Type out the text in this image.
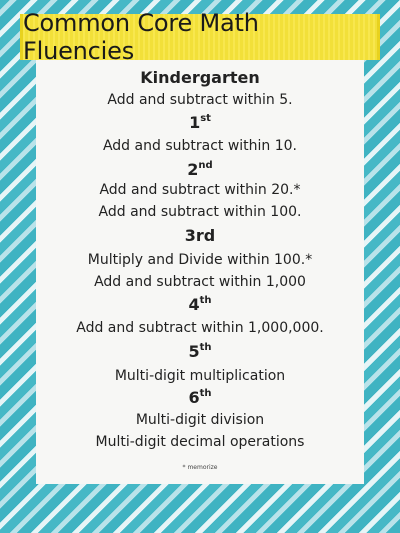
Common Core Math Fluencies
Kindergarten
Add and subtract within 5.
1st
Add and subtract within 10.
2nd
Add and subtract within 20.*
Add and subtract within 100.
3rd
Multiply and Divide within 100.*
Add and subtract within 1,000
4th
Add and subtract within 1,000,000.
5th
Multi-digit multiplication
6th
Multi-digit division
Multi-digit decimal operations
* memorize
